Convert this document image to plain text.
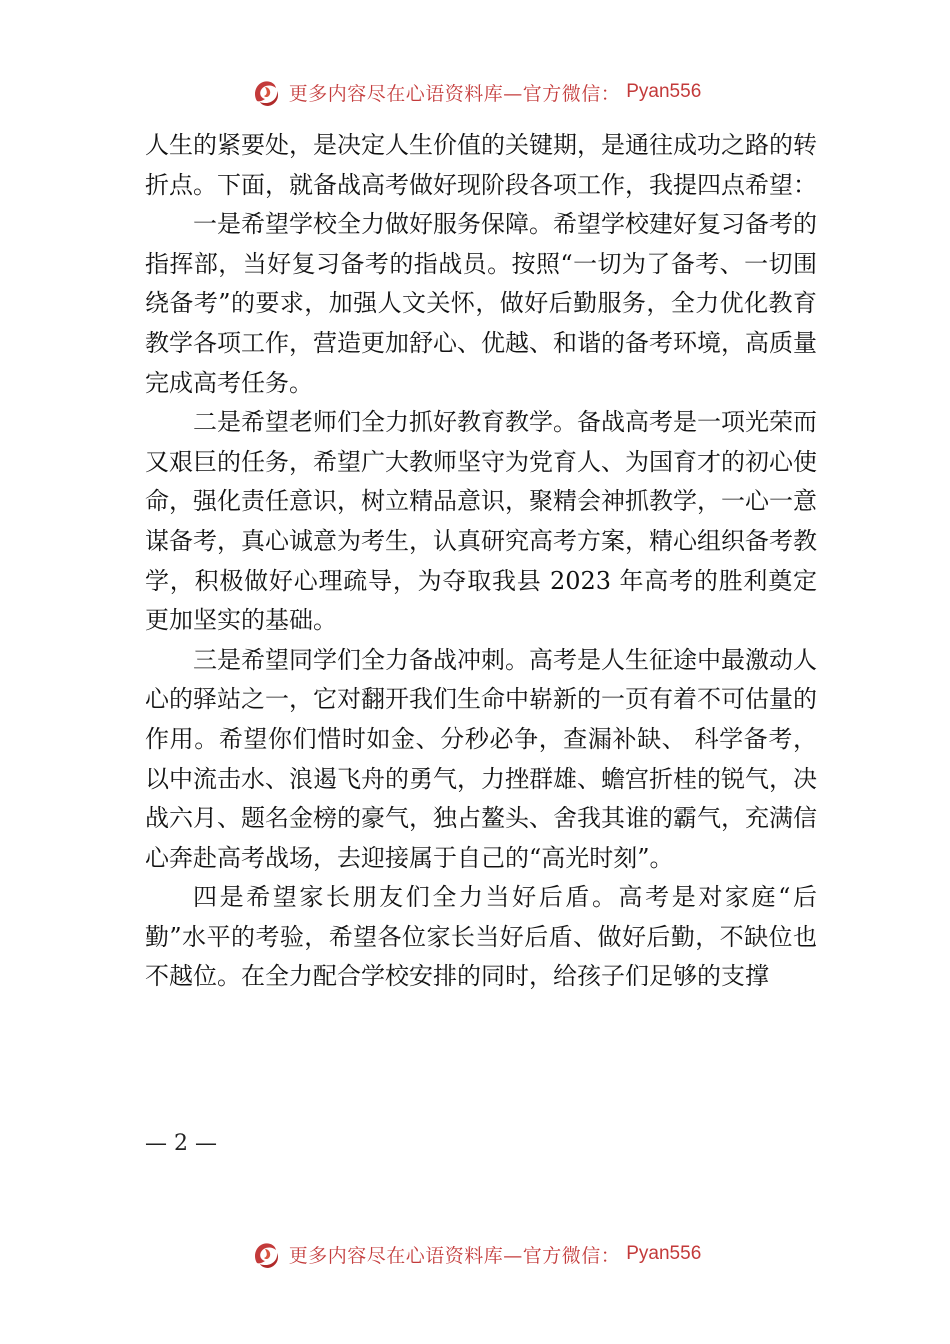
更多内容尽在心语资料库—官方微信： Pyan556

人生的紧要处，是决定人生价值的关键期，是通往成功之路的转折点。下面，就备战高考做好现阶段各项工作，我提四点希望：

一是希望学校全力做好服务保障。希望学校建好复习备考的指挥部，当好复习备考的指战员。按照“一切为了备考、一切围绕备考”的要求，加强人文关怀，做好后勤服务，全力优化教育教学各项工作，营造更加舒心、优越、和谐的备考环境，高质量完成高考任务。

二是希望老师们全力抓好教育教学。备战高考是一项光荣而又艰巨的任务，希望广大教师坚守为党育人、为国育才的初心使命，强化责任意识，树立精品意识，聚精会神抓教学，一心一意谋备考，真心诚意为考生，认真研究高考方案，精心组织备考教学，积极做好心理疏导，为夺取我县 2023 年高考的胜利奠定更加坚实的基础。

三是希望同学们全力备战冲刺。高考是人生征途中最激动人心的驿站之一，它对翻开我们生命中崭新的一页有着不可估量的作用。希望你们惜时如金、分秒必争，查漏补缺、 科学备考，以中流击水、浪遏飞舟的勇气，力挫群雄、蟾宫折桂的锐气，决战六月、题名金榜的豪气，独占鳌头、舍我其谁的霸气，充满信心奔赴高考战场，去迎接属于自己的“高光时刻”。

四是希望家长朋友们全力当好后盾。高考是对家庭“后勤”水平的考验，希望各位家长当好后盾、做好后勤，不缺位也不越位。在全力配合学校安排的同时，给孩子们足够的支撑

— 2 —
更多内容尽在心语资料库—官方微信： Pyan556
